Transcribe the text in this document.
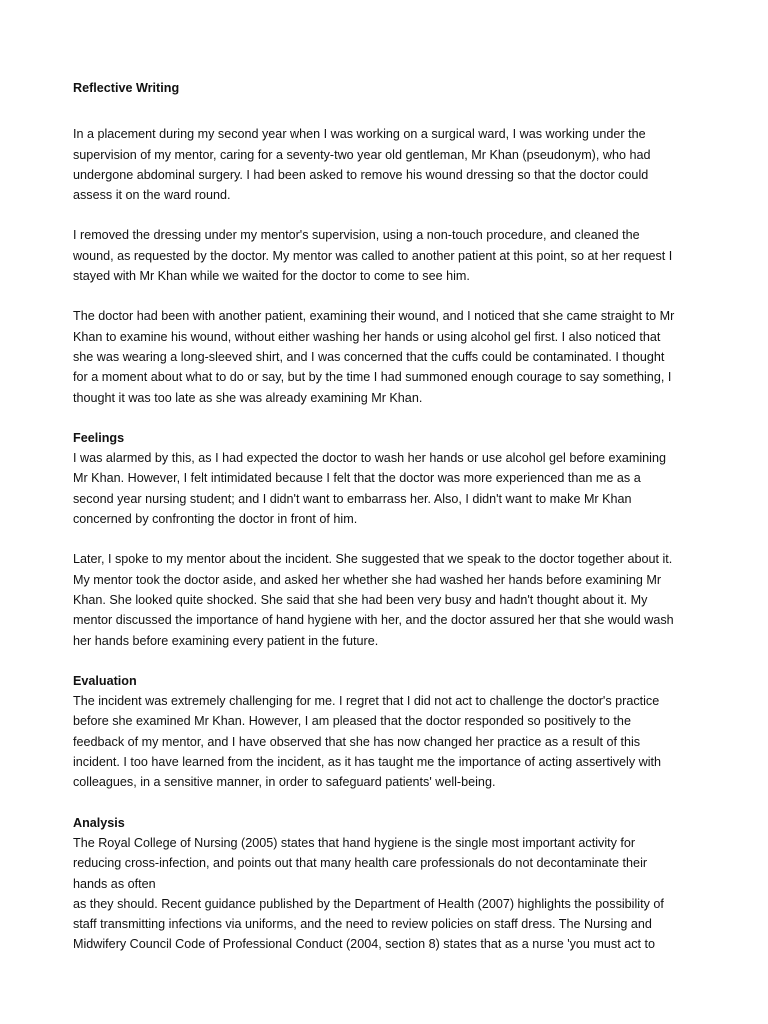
Reflective Writing
In a placement during my second year when I was working on a surgical ward, I was working under the
supervision of my mentor, caring for a seventy-two year old gentleman, Mr Khan (pseudonym), who had
undergone abdominal surgery. I had been asked to remove his wound dressing so that the doctor could
assess it on the ward round.
I removed the dressing under my mentor's supervision, using a non-touch procedure, and cleaned the
wound, as requested by the doctor. My mentor was called to another patient at this point, so at her request I
stayed with Mr Khan while we waited for the doctor to come to see him.
The doctor had been with another patient, examining their wound, and I noticed that she came straight to Mr
Khan to examine his wound, without either washing her hands or using alcohol gel first. I also noticed that
she was wearing a long-sleeved shirt, and I was concerned that the cuffs could be contaminated. I thought
for a moment about what to do or say, but by the time I had summoned enough courage to say something, I
thought it was too late as she was already examining Mr Khan.
Feelings
I was alarmed by this, as I had expected the doctor to wash her hands or use alcohol gel before examining
Mr Khan. However, I felt intimidated because I felt that the doctor was more experienced than me as a
second year nursing student; and I didn't want to embarrass her. Also, I didn't want to make Mr Khan
concerned by confronting the doctor in front of him.
Later, I spoke to my mentor about the incident. She suggested that we speak to the doctor together about it.
My mentor took the doctor aside, and asked her whether she had washed her hands before examining Mr
Khan. She looked quite shocked. She said that she had been very busy and hadn't thought about it. My
mentor discussed the importance of hand hygiene with her, and the doctor assured her that she would wash
her hands before examining every patient in the future.
Evaluation
The incident was extremely challenging for me. I regret that I did not act to challenge the doctor's practice
before she examined Mr Khan. However, I am pleased that the doctor responded so positively to the
feedback of my mentor, and I have observed that she has now changed her practice as a result of this
incident. I too have learned from the incident, as it has taught me the importance of acting assertively with
colleagues, in a sensitive manner, in order to safeguard patients' well-being.
Analysis
The Royal College of Nursing (2005) states that hand hygiene is the single most important activity for
reducing cross-infection, and points out that many health care professionals do not decontaminate their
hands as often
as they should. Recent guidance published by the Department of Health (2007) highlights the possibility of
staff transmitting infections via uniforms, and the need to review policies on staff dress. The Nursing and
Midwifery Council Code of Professional Conduct (2004, section 8) states that as a nurse 'you must act to
